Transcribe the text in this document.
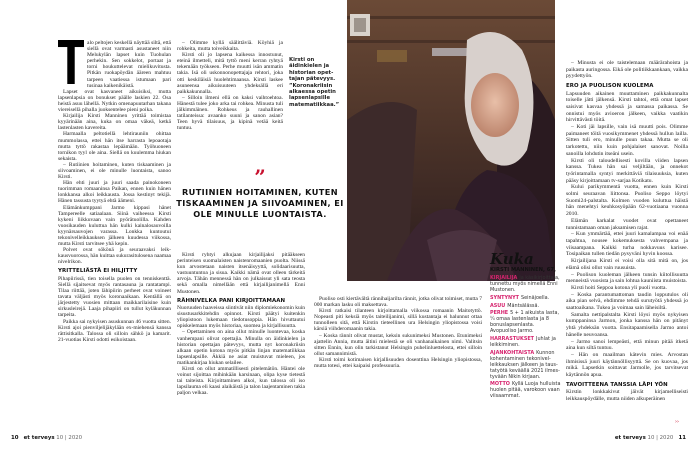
alo peltojen keskellä näyttää siltä, että siellä ovat varmasti asustaneet niin Melukylän lapset kuin Tuohulan perhekin. Sen sokkelot, portaat ja torni houkuttelevat mielikuvitusta. Pitkän ruokapöydän ääreen mahtuu tarpeen vaatiessa istumaan pari tusinaa kaikenikäistä.

Lapset ovat kasvaneet aikuisiksi, mutta lapsenlapsia on bonukset päälle laskien 22. Osa heistä asuu lähellä. Nytkin omenapuutarhan takana viereisellä pihalla juoksentelee pieni poika.

Kirjailija Kirsti Manninen yrittää toimistaa kyyärinään aina, kuka on omaa väkeä, ketkä lastenlasten kavereita.

Harmaalla peltotiellä lehtirauniin ohittaa mummolassa, ettei hän itse harrasta lepoaotaja mutta tyttö rakastaa lepäämään. Työhuoneen tornikon tyyl ole aina. Siellä on kuulemma hiukan sekaista.

– Rutiinien hoitaminen, kuten tiskaaminen ja siivoaminen, ei ole minulle luontaista, sanoo Kirsti.

Hän ehti juuri ja juuri saada painokoneen tuorimman romaaninsa Paikan, ennen kuin hänen lonkkansa alkoi leikkausta. Jossa kestinyt tekijä. Hänen tassusta tyytyä ehtä äämeni.

Elämänkumppani Jarmo kippasi hänet Tampereelle satiaalaan. Siinä vaiheessa Kirsti kykeni liikkuvaan vain pyörätuolilla. Kahden vuosikauden kuluttua hän kulki kainalosauvoilla kyynärsauvojen varassa. Lonkka kuntoutui tekonivelleikkauksen jälkeen kuudessa viikossa, mutta Kirsti tarvitsee yhä kepin.

Polvet ovat sökönä ja seuraavaksi leikkausvuorossa, hän kuittaa sukurasitulosena naamaa nivelrikon.

YRITTELIÄSTÄ EI HILJITTY

Pihapiirissä, tien toisella puolen on tenniskenttä. Siellä sijaitsevat myös rantasauna ja rantatampi. Tilaa riittää, joten lähipiirin perheet ovat voineet tavata väljästi myös koronaaikaan. Kentällä on järjestetty vuosien mittaan maikkarilaisine kuin sirkusleirejä. Laaja pihapiiri on tullut kyläkunnan tarpeita.

Paikka sai nykyisen asuskunnan 46 vuotta sitten. Kirsti ajoi pienviljelijäkylään ex-miehensä kanssa rättisitkalla. Talossa oli silloin sähkö ja kamarit. 21-vuotias Kirsti odotti esikoistaan.

– Olimme kyllä säälittäviä. Köyhiä ja rohkeita, mutta toiveikkaita.

Kirsti oli jo lapsena kaikessa innostunut, eteinä ilmetteli, mitä tyttö meni kerran ryhtyä tekemään työkseen. Perhe muutti isän ammatin takia. Isä oli uskonnonopettajaja rehtori, joka otti keskiläisiä huolehtimaansa. Kirsti laskee asuneensa aikuisuuteen yhdeksällä eri paikkakunnalla.

– Silloin ilmeni ellä on kaksi vaihtoehtoa. Hänestä tulee joko arka tai rohkea. Minusta tuli jälkimmäinen. Rohkeus ja rauhallinen tatilanteissa: avaanko suuni ja sanon asian? Teen hyvä tilaisuus, ja kipinä vetää keitä tuntuu.

Kirsti on äidinkielen ja historian opettajan pätevyys. ”Koronakriisin alkaessa opetin lapsenlapsille matematiikkaa.”
”
RUTIINIEN HOITAMINEN, KUTEN TISKAAMINEN JA SIIVOAMINEN, EI OLE MINULLE LUONTAISTA.

Kirsti ryhtyi alkujaan kirjailijaksi pitääkseen perinteisen suomalaisten naistenromaanien puolta. Niissä kun arvostetaan naisten itsenäisyyttä, solidaarisuutta, vastuuntuntoa ja sisua. Kaikki nämä ovat olleen tärkeitä arvoja. Tähän mennessä hän on julkaissut yli sata teosta sekä omalla nimellään että kirjailijanimellä Enni Mustonen.

RÄHNIVELKA PANI KIRJOITTAMAAN

Nuoruuden haaveissa siintivät niin diplomiekonomin kuin sisustusarkkitehdin opinnot. Kirsti päätyi kuitenkin yliopistoon lukemaan tiedotusoppia. Hän hivuttautui opiskelemaan myös historiaa, suomea ja kirjallisuutta.

– Opettaminen on aina ollut minulle luontevaa, koska vanhempani olivat opettajia. Minulla on äidinkielen ja historian opettajan pätevyys, mutta nyt koronakriisin alkaan opetin kotona myös pitkän linjan matematiikkaa lapsenlapsille. Äkkiä ne asiat muistuvat mieleen, jos matikankirjaa hiukan selailee.

Kirsti on ollut ammatillisesti pitelemätön. Häntei ole voinut sijoittaa mihinkään karsinaan, olipa kyse tietestä tai taiteista. Kirjoittaminen alkoi, kun talossa oli iso lapsilauma eli kaasi alaikäistä ja talon laajentaminen takia paljon velkaa.

Puoliso osti kiertävältä rännihaijarilta rännit, jotka olivat toimiset, mutta 7 000 markan lasku oli maksettava.

Kirsti ratkaisi tilanteen kirjoittamalla viikossa romaanin Maitotyttö. Nopeasti piti keksiä myös taiteilijanimi, sillä kustantaja ei halunnut ottaa tunnolleen sitä, että Kirstin tieteellinen ura Helsingin yliopistossa voisi kärsiä viihderomaanin takia.

– Koska rännit olivat mustat, keksin sukunimeksi Mustonen. Etunimeksi ajattelin Annia, mutta äitini mielestä se oli vanhanaikainen nimi. Valitsin sitten Ennin, kun olin tarkistanut Helsingin puhelinluettelosta, ettei silloin ollut samannimistä.

Kirsti toimi kotimaisen kirjallisuuden dosenttina Helsingin yliopistossa, mutta totesi, ettei kaipaisi professuuria.

Kuka
KIRSTI MANNINEN, 67,
KIRJAILIJA ja käsikirjoittaja, tunnettu myös nimellä Enni Mustonen.
SYNTYNYT Seinäjoella.
ASUU Mäntsälässä.
PERHE 5 + 1 aikuista lasta, ¼ omaa lastenlasta ja 8 bonuslapsenlasta. Avopuoliso Jarmo.
HARRASTUKSET Juhlat ja leikkiminen.
AJANKOHTAISTA Kunnon kohentaminen tekonivelleikkauksen jälkeen ja taustatyötä keväällä 2021 ilmestyvään Nikin kirjaan.
MOTTO Kyllä Luoja hulluista huolen pitää, varokoon vaan viisaammat.

– Minusta ei ole taistelemaan määrärahoista ja paikasta auringossa. Eikä ole politiikkaankaan, vaikka pyydettyön.

ERO JA PUOLISON KUOLEMA

Lapsuuden aikainen muuttaminen paikkakunnalta toiselle jätti jälkensä. Kirsti tahtoi, että omat lapset saisivat kasvaa yhdessä ja samassa paikassa. Se onnistui myös avioeron jälkeen, vaikka vaatikin hirvittävästi töitä.

– Koti jäi lapsille, vain isä muutti pois. Olimme paimaneet töitä vuosikymmenet yhdessä hullun lailla. Sitten tuli ero, minulle puun takaa. Mutta se oli tarkotettu, niin kuin pohjalaiset sanovat. Noilla sanoilla lohdutin itseäni usein.

Kirsti oli taloudellisesti kovilla viiden lapsen kanssa. Tukea hän sai veljiltään, ja onnekot työrintamalla syntyi merkittäviä tilaisuuksia, kuten pääsy kirjoittamaan tv-sarjaa Kotikatu.

Kului parikymmentä vuotta, ennen kuin Kirsti solmi seuraavan liittonsa. Puoliso Seppo löytyi Suomi24-palstalta. Kolmen vuoden kuluttua häistä hän menehtyi keuhkosyöpään 62-vuotiaana vuonna 2010.

Elämän karkalat vuodet ovat opettaneet tunnistamaan oman jaksamisen rajat.

– Kun ymmärtää, ettei juuri kamalampaa voi enää tapahtua, nousee kokemuksesta vahvempana ja viisaampana. Kaikki turha nokkavuus karisee. Tosipaikan tullen tiedän pysyväni hyvin koossa.

Kirjailijana Kirsti ei voisi olla sitä mitä on, jos elämä olisi ollut vain ruusuista.

– Puolison kuoleman jälkeen tunsin kiitollisuutta menneistä vuosista ja sain lohtua kauniista muistoista.

Kirsti hoiti Seppoa kotona yli puoli vuotta.

– Koska parantumattoman taudin lopputulos oli aika pian selvä, ehdimme tehdä surutyötä yhdessä jo saattoaikana. Tukea ja voimaa sain läheisiltä.

Samalta nettipalstalta Kirsti löysi myös nykyisen kumppaninsa Jarmon, jonka kanssa hän on pitänyt yhtä yhdeksän vuotta. Ensitapaamisella Jarmo antoi hänelle neuvoansa.

– Jarmo sanoi lempeästi, että minun pitää itketä aina kun siltä tuntuu.

– Hän on maailman kätevin mies. Arvostan ihmisissä juuri käytännöllisyyttä. Se on kuovaa, jos mikä. Lapsetkin soittavat Jarmolle, jos tarvitsevat käytännön apua.

TAVOITTEENA TANSSIA LÄPI YÖN

Kirstin lonkkakivut jäivät kirjamelliseisti leikkauspöydälle, mutta niiden alkuperäinen

››
10 et terveys 10 | 2020	et terveys 10 | 2020 11
